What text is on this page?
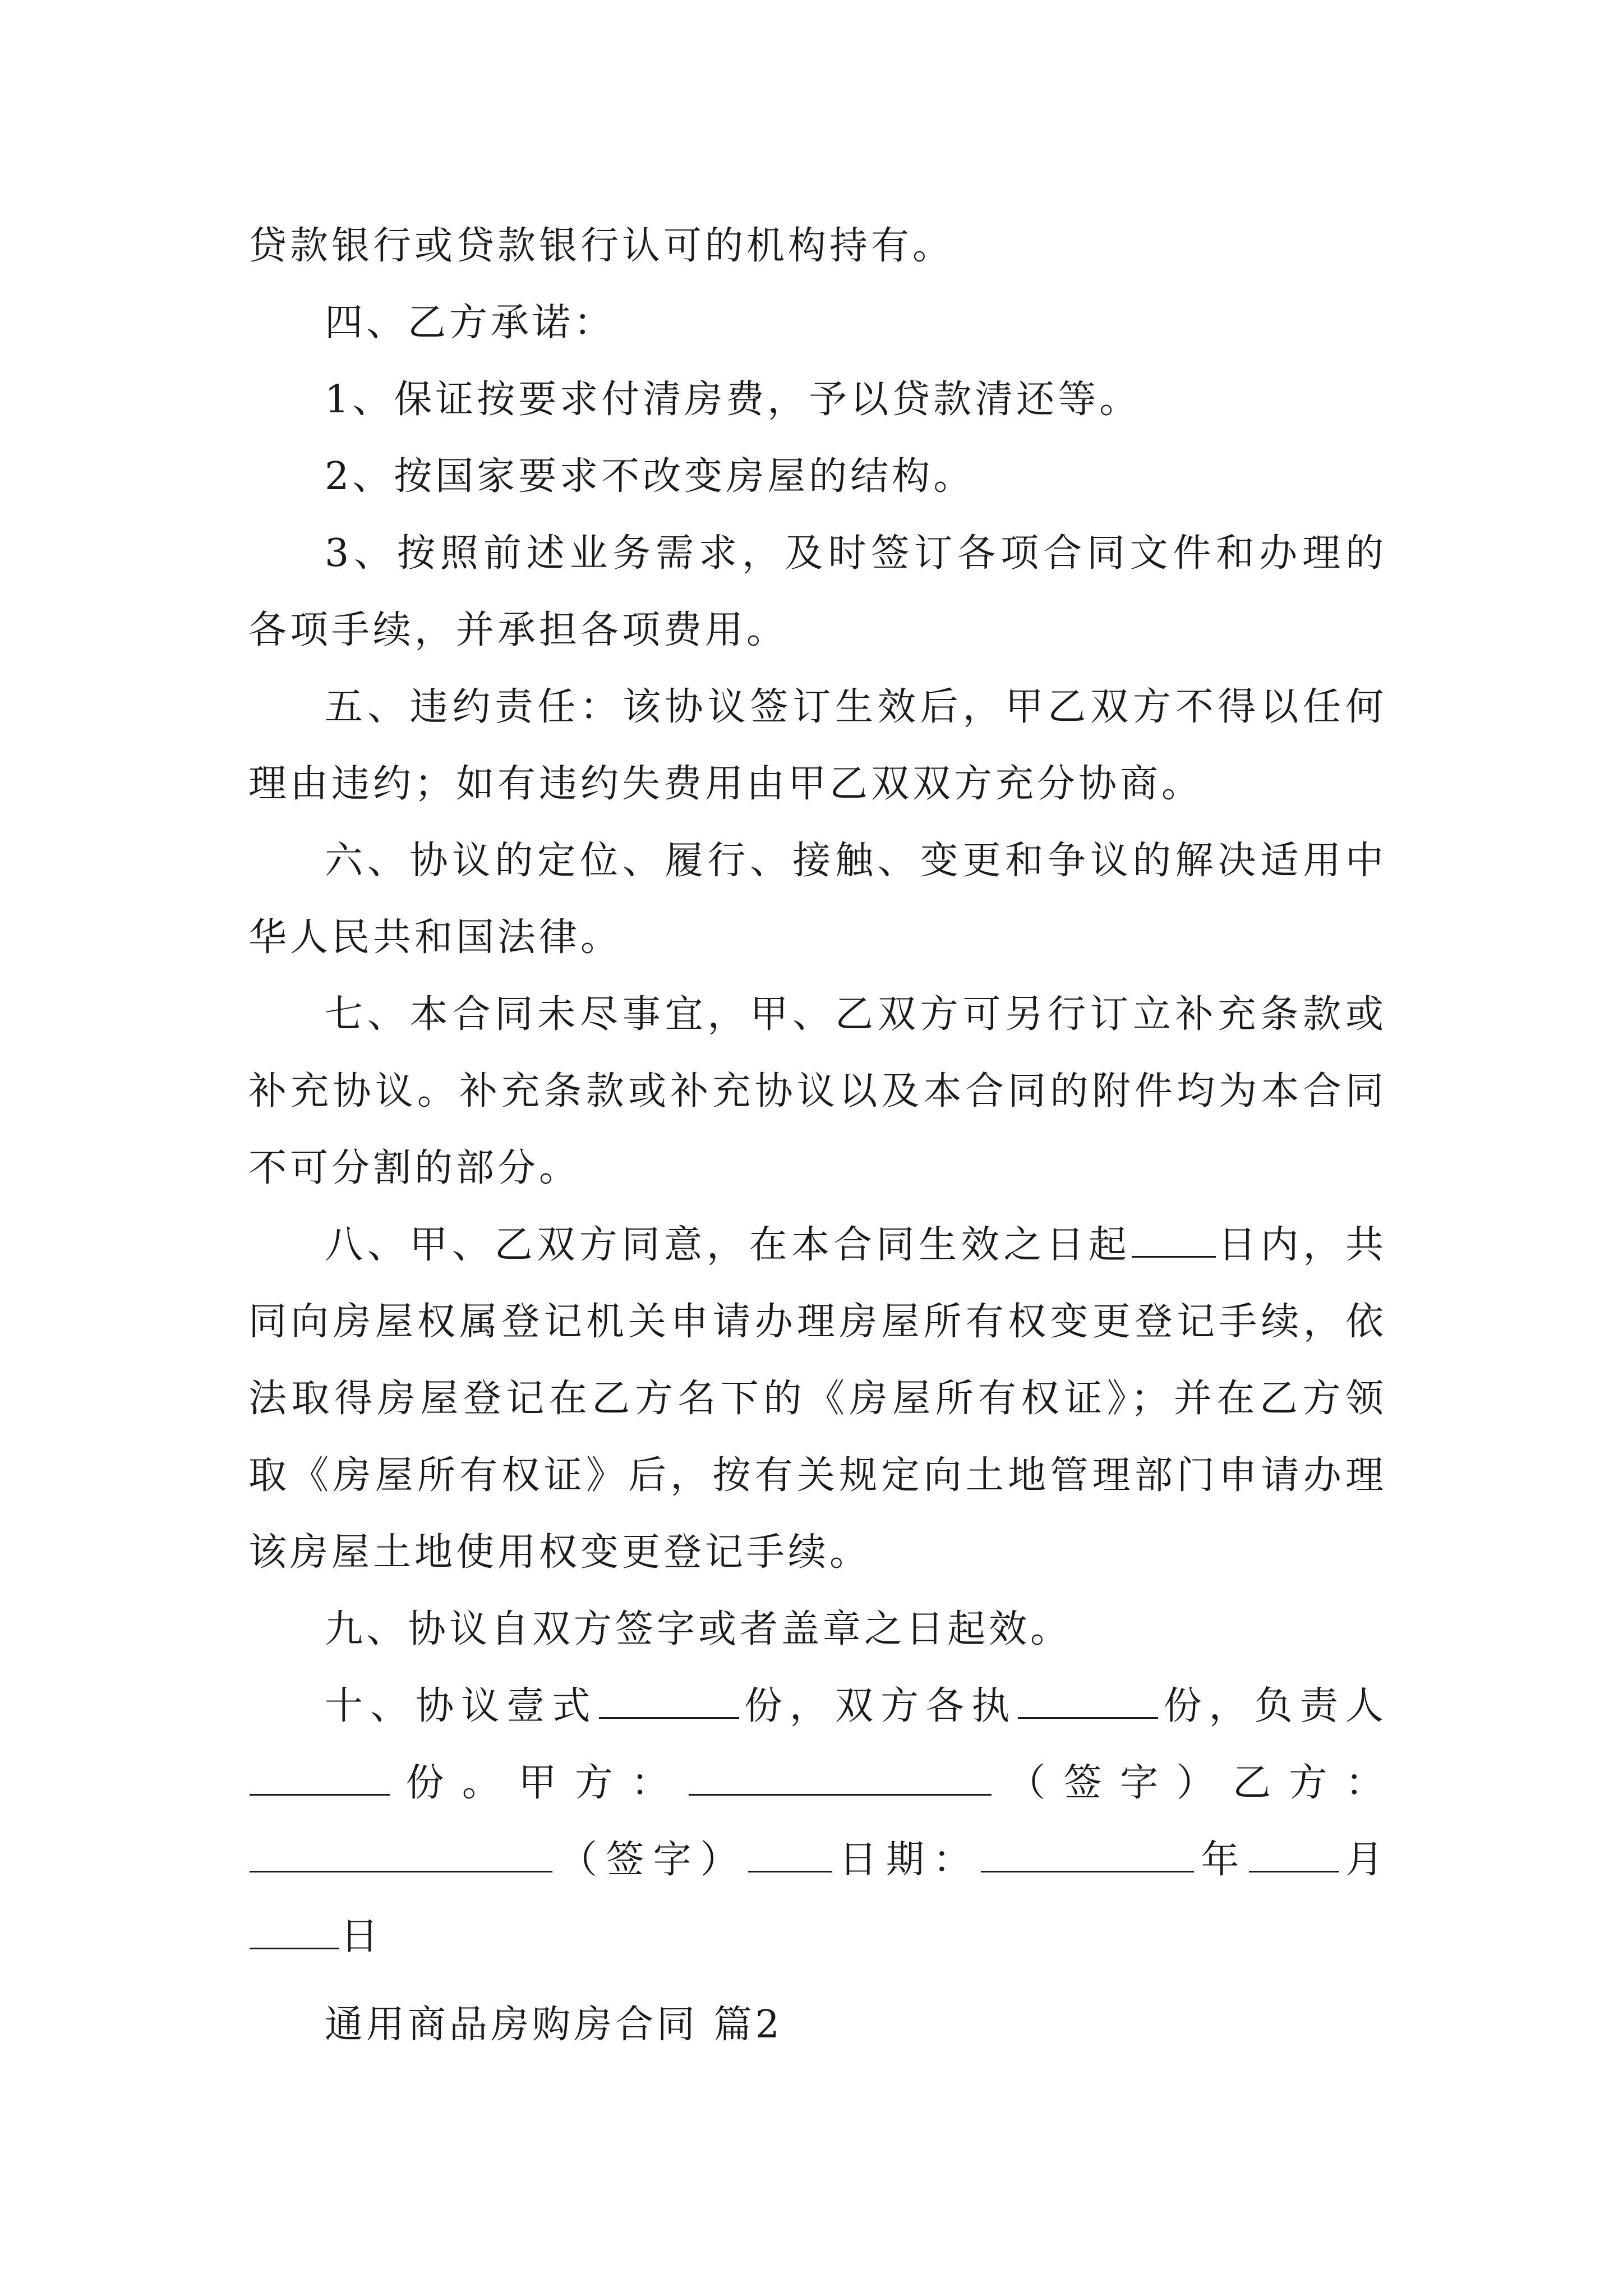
贷款银行或贷款银行认可的机构持有。

四、乙方承诺：

1、保证按要求付清房费，予以贷款清还等。

2、按国家要求不改变房屋的结构。

3、按照前述业务需求，及时签订各项合同文件和办理的各项手续，并承担各项费用。

五、违约责任：该协议签订生效后，甲乙双方不得以任何理由违约；如有违约失费用由甲乙双双方充分协商。

六、协议的定位、履行、接触、变更和争议的解决适用中华人民共和国法律。

七、本合同未尽事宜，甲、乙双方可另行订立补充条款或补充协议。补充条款或补充协议以及本合同的附件均为本合同不可分割的部分。

八、甲、乙双方同意，在本合同生效之日起 日内，共同向房屋权属登记机关申请办理房屋所有权变更登记手续，依法取得房屋登记在乙方名下的《房屋所有权证》；并在乙方领取《房屋所有权证》后，按有关规定向土地管理部门申请办理该房屋土地使用权变更登记手续。

九、协议自双方签字或者盖章之日起效。

十、协议壹式	份，双方各执	份，负责人 份。甲方：	（签字）乙方：（签字） 日期：	年 月日

通用商品房购房合同 篇2
